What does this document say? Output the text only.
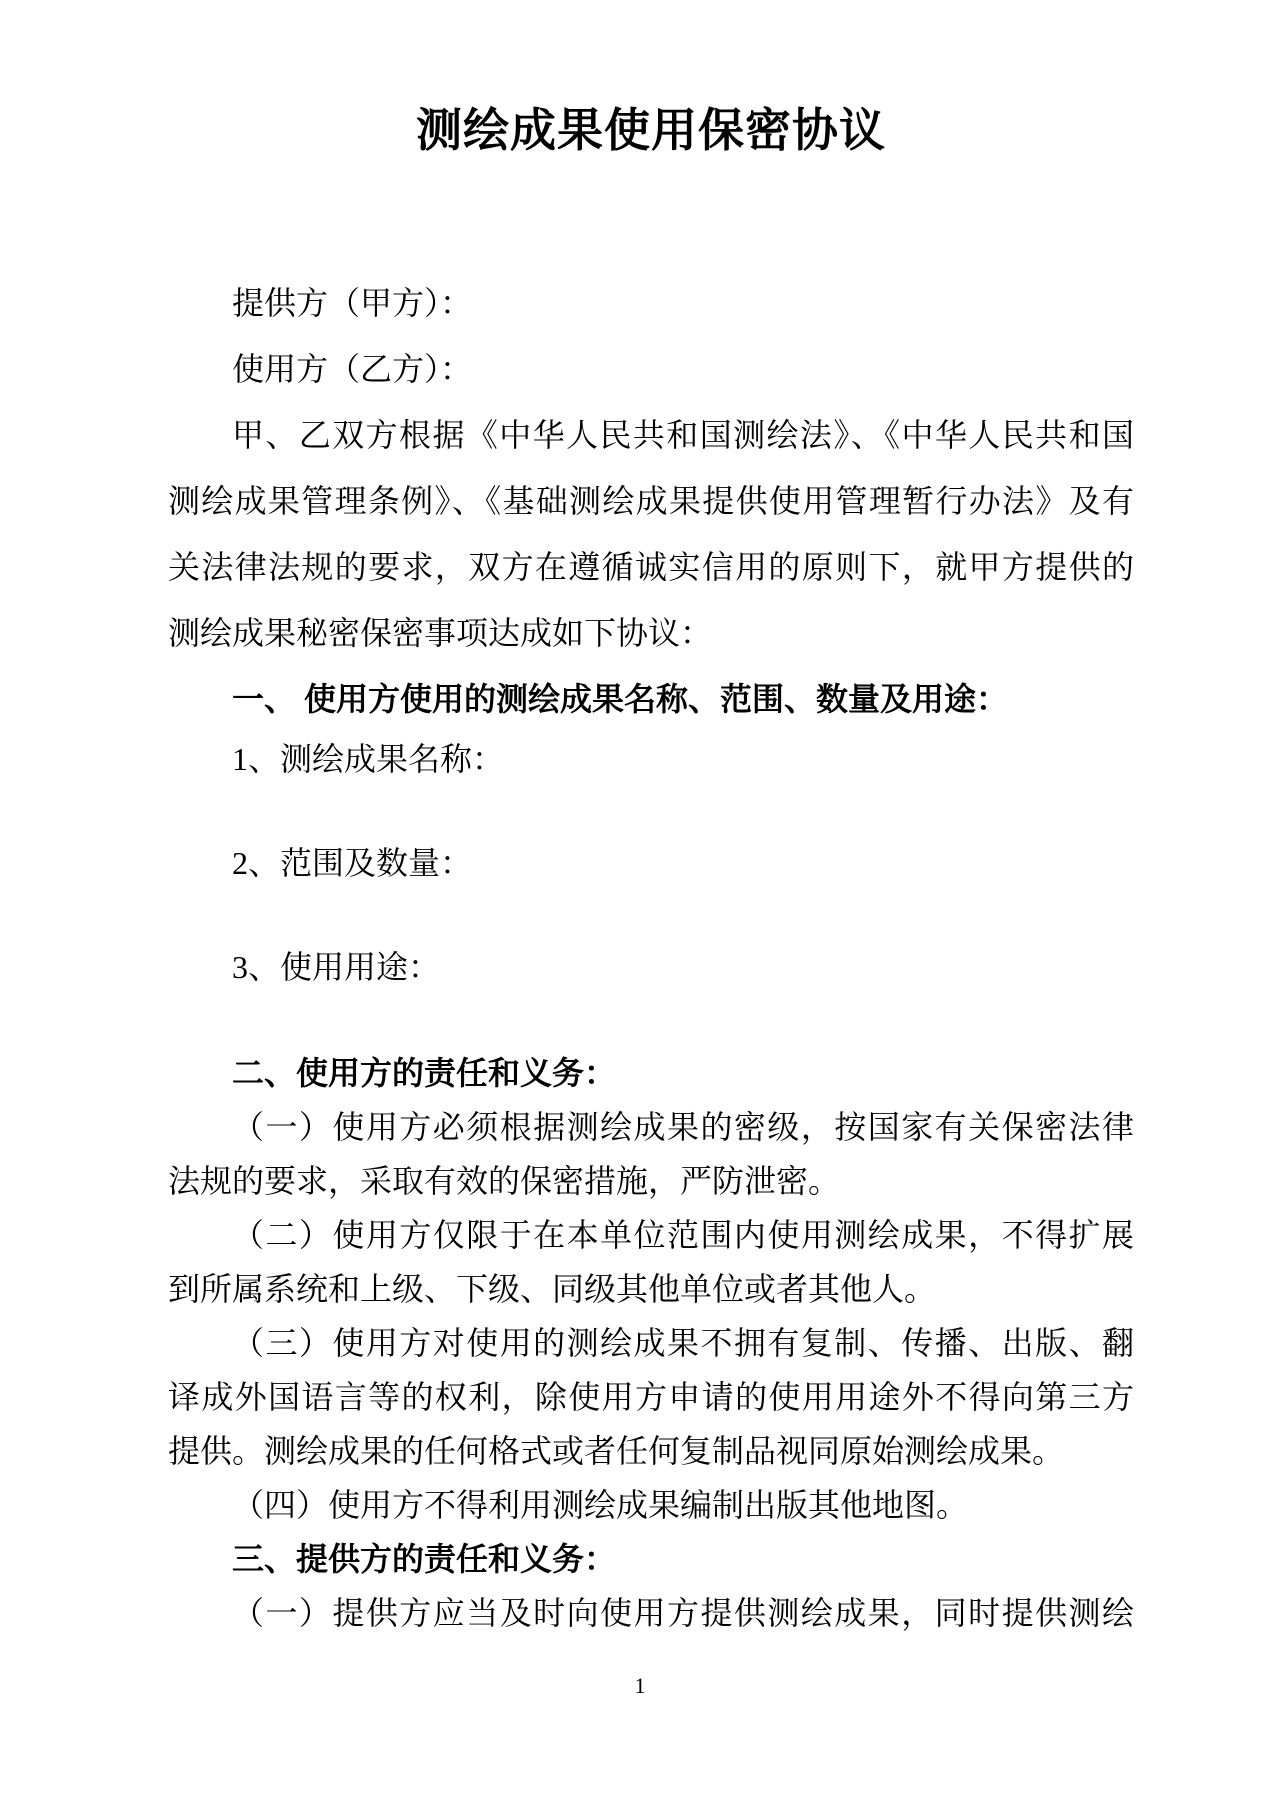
测绘成果使用保密协议
提供方（甲方）：
使用方（乙方）：
甲、乙双方根据《中华人民共和国测绘法》、《中华人民共和国
测绘成果管理条例》、《基础测绘成果提供使用管理暂行办法》及有
关法律法规的要求，双方在遵循诚实信用的原则下，就甲方提供的
测绘成果秘密保密事项达成如下协议：
一、 使用方使用的测绘成果名称、范围、数量及用途：
1、测绘成果名称：
2、范围及数量：
3、使用用途：
二、使用方的责任和义务：
（一）使用方必须根据测绘成果的密级，按国家有关保密法律
法规的要求，采取有效的保密措施，严防泄密。
（二）使用方仅限于在本单位范围内使用测绘成果，不得扩展
到所属系统和上级、下级、同级其他单位或者其他人。
（三）使用方对使用的测绘成果不拥有复制、传播、出版、翻
译成外国语言等的权利，除使用方申请的使用用途外不得向第三方
提供。测绘成果的任何格式或者任何复制品视同原始测绘成果。
（四）使用方不得利用测绘成果编制出版其他地图。
三、提供方的责任和义务：
（一）提供方应当及时向使用方提供测绘成果，同时提供测绘
1
